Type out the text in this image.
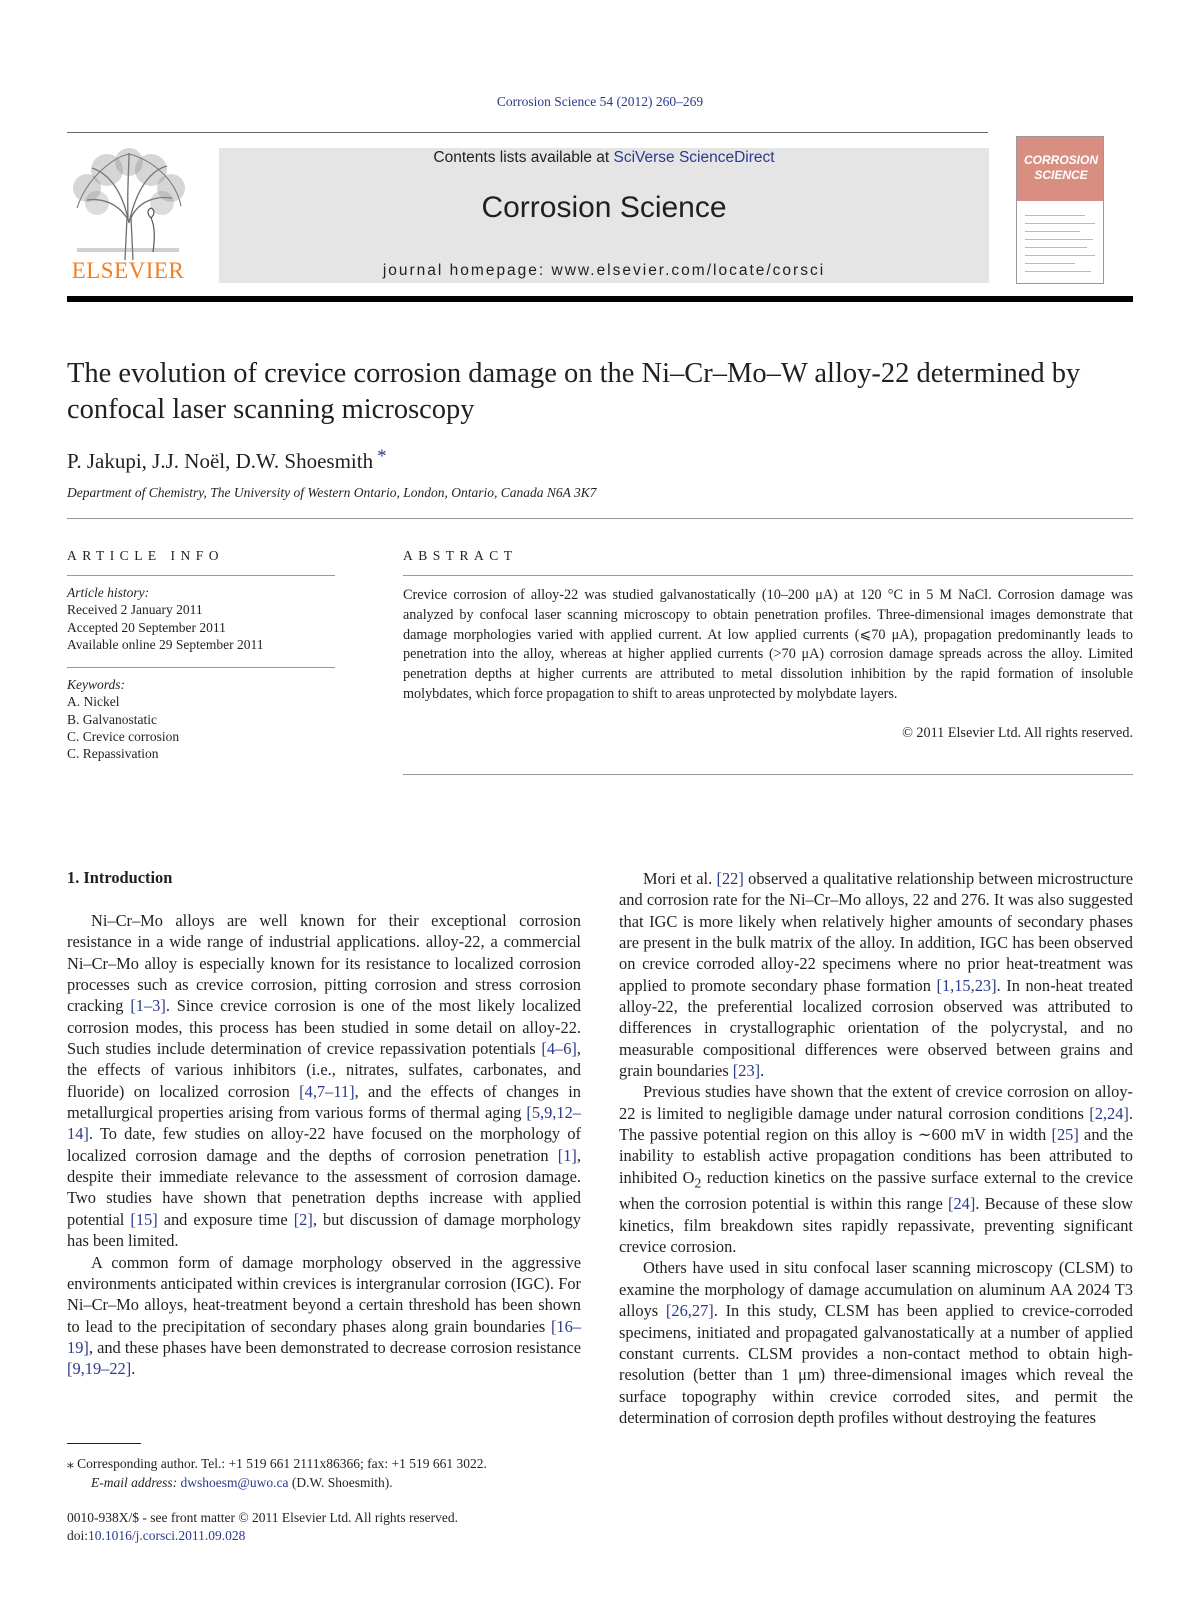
Corrosion Science 54 (2012) 260–269
ELSEVIER
Contents lists available at SciVerse ScienceDirect
Corrosion Science
journal homepage: www.elsevier.com/locate/corsci
CORROSION
SCIENCE
The evolution of crevice corrosion damage on the Ni–Cr–Mo–W alloy-22 determined by confocal laser scanning microscopy
P. Jakupi, J.J. Noël, D.W. Shoesmith *
Department of Chemistry, The University of Western Ontario, London, Ontario, Canada N6A 3K7
ARTICLE INFO
Article history:
Received 2 January 2011
Accepted 20 September 2011
Available online 29 September 2011
Keywords:
A. Nickel
B. Galvanostatic
C. Crevice corrosion
C. Repassivation
ABSTRACT
Crevice corrosion of alloy-22 was studied galvanostatically (10–200 μA) at 120 °C in 5 M NaCl. Corrosion damage was analyzed by confocal laser scanning microscopy to obtain penetration profiles. Three-dimensional images demonstrate that damage morphologies varied with applied current. At low applied currents (⩽70 μA), propagation predominantly leads to penetration into the alloy, whereas at higher applied currents (>70 μA) corrosion damage spreads across the alloy. Limited penetration depths at higher currents are attributed to metal dissolution inhibition by the rapid formation of insoluble molybdates, which force propagation to shift to areas unprotected by molybdate layers.
© 2011 Elsevier Ltd. All rights reserved.
1. Introduction

Ni–Cr–Mo alloys are well known for their exceptional corrosion resistance in a wide range of industrial applications. alloy-22, a commercial Ni–Cr–Mo alloy is especially known for its resistance to localized corrosion processes such as crevice corrosion, pitting corrosion and stress corrosion cracking [1–3]. Since crevice corrosion is one of the most likely localized corrosion modes, this process has been studied in some detail on alloy-22. Such studies include determination of crevice repassivation potentials [4–6], the effects of various inhibitors (i.e., nitrates, sulfates, carbonates, and fluoride) on localized corrosion [4,7–11], and the effects of changes in metallurgical properties arising from various forms of thermal aging [5,9,12–14]. To date, few studies on alloy-22 have focused on the morphology of localized corrosion damage and the depths of corrosion penetration [1], despite their immediate relevance to the assessment of corrosion damage. Two studies have shown that penetration depths increase with applied potential [15] and exposure time [2], but discussion of damage morphology has been limited.

A common form of damage morphology observed in the aggressive environments anticipated within crevices is intergranular corrosion (IGC). For Ni–Cr–Mo alloys, heat-treatment beyond a certain threshold has been shown to lead to the precipitation of secondary phases along grain boundaries [16–19], and these phases have been demonstrated to decrease corrosion resistance [9,19–22].

Mori et al. [22] observed a qualitative relationship between microstructure and corrosion rate for the Ni–Cr–Mo alloys, 22 and 276. It was also suggested that IGC is more likely when relatively higher amounts of secondary phases are present in the bulk matrix of the alloy. In addition, IGC has been observed on crevice corroded alloy-22 specimens where no prior heat-treatment was applied to promote secondary phase formation [1,15,23]. In non-heat treated alloy-22, the preferential localized corrosion observed was attributed to differences in crystallographic orientation of the polycrystal, and no measurable compositional differences were observed between grains and grain boundaries [23].

Previous studies have shown that the extent of crevice corrosion on alloy-22 is limited to negligible damage under natural corrosion conditions [2,24]. The passive potential region on this alloy is ∼600 mV in width [25] and the inability to establish active propagation conditions has been attributed to inhibited $O_2$ reduction kinetics on the passive surface external to the crevice when the corrosion potential is within this range [24]. Because of these slow kinetics, film breakdown sites rapidly repassivate, preventing significant crevice corrosion.

Others have used in situ confocal laser scanning microscopy (CLSM) to examine the morphology of damage accumulation on aluminum AA 2024 T3 alloys [26,27]. In this study, CLSM has been applied to crevice-corroded specimens, initiated and propagated galvanostatically at a number of applied constant currents. CLSM provides a non-contact method to obtain high-resolution (better than 1 μm) three-dimensional images which reveal the surface topography within crevice corroded sites, and permit the determination of corrosion depth profiles without destroying the features

⁎ Corresponding author. Tel.: +1 519 661 2111x86366; fax: +1 519 661 3022.
E-mail address: dwshoesm@uwo.ca (D.W. Shoesmith).
0010-938X/$ - see front matter © 2011 Elsevier Ltd. All rights reserved.
doi:10.1016/j.corsci.2011.09.028
